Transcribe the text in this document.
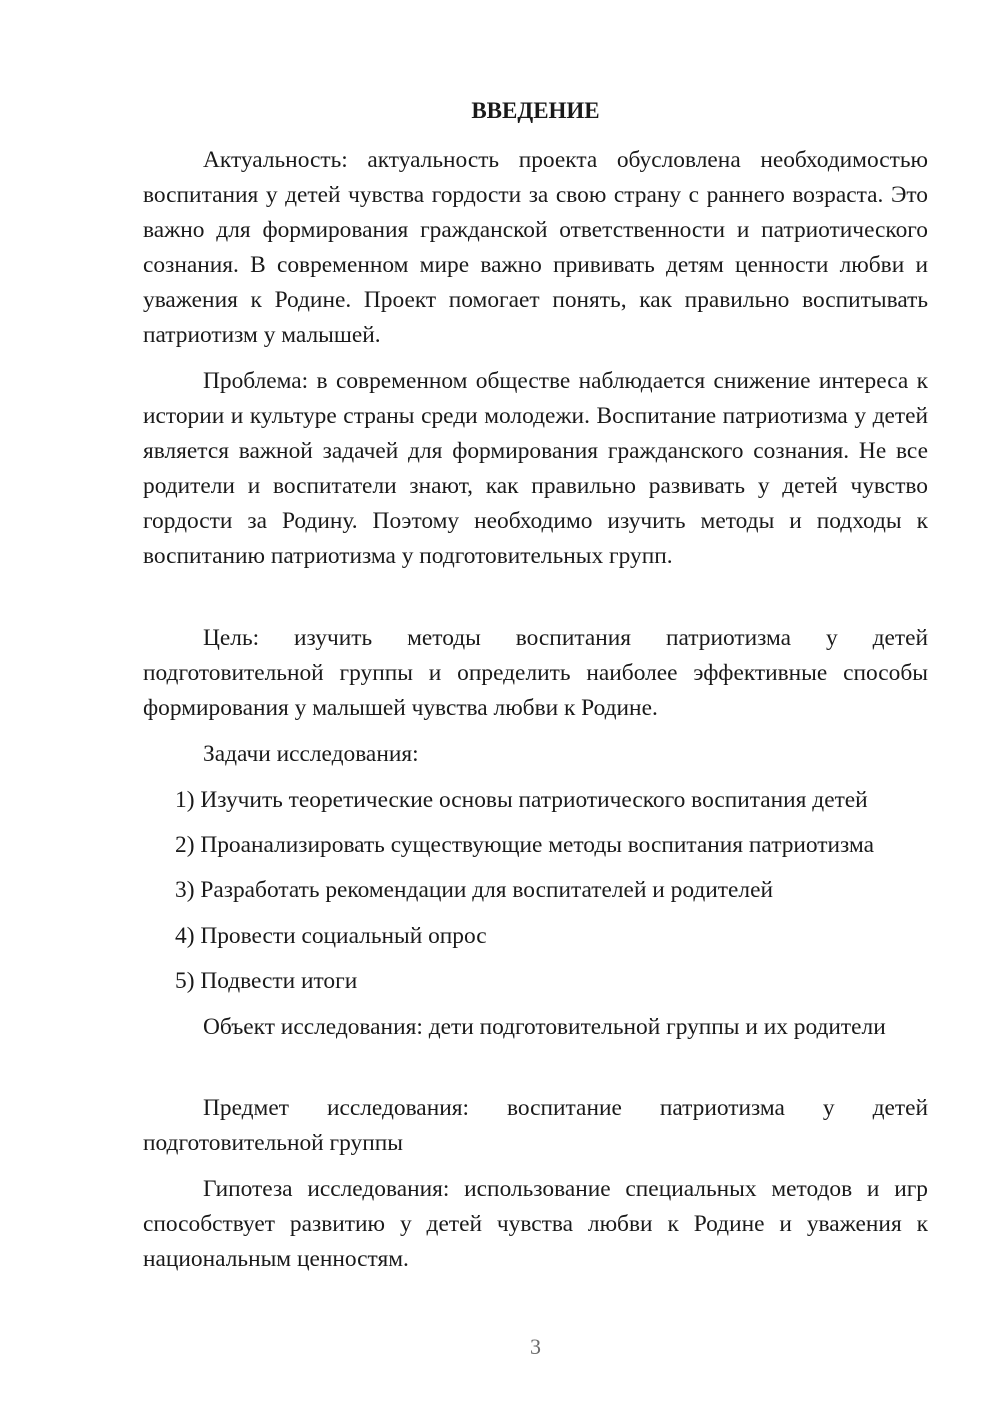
ВВЕДЕНИЕ

Актуальность: актуальность проекта обусловлена необходимостью воспитания у детей чувства гордости за свою страну с раннего возраста. Это важно для формирования гражданской ответственности и патриотического сознания. В современном мире важно прививать детям ценности любви и уважения к Родине. Проект помогает понять, как правильно воспитывать патриотизм у малышей.

Проблема: в современном обществе наблюдается снижение интереса к истории и культуре страны среди молодежи. Воспитание патриотизма у детей является важной задачей для формирования гражданского сознания. Не все родители и воспитатели знают, как правильно развивать у детей чувство гордости за Родину. Поэтому необходимо изучить методы и подходы к воспитанию патриотизма у подготовительных групп.

Цель: изучить методы воспитания патриотизма у детей подготовительной группы и определить наиболее эффективные способы формирования у малышей чувства любви к Родине.

Задачи исследования:

1) Изучить теоретические основы патриотического воспитания детей

2) Проанализировать существующие методы воспитания патриотизма

3) Разработать рекомендации для воспитателей и родителей

4) Провести социальный опрос

5) Подвести итоги

Объект исследования: дети подготовительной группы и их родители

Предмет исследования: воспитание патриотизма у детей подготовительной группы

Гипотеза исследования: использование специальных методов и игр способствует развитию у детей чувства любви к Родине и уважения к национальным ценностям.

3
